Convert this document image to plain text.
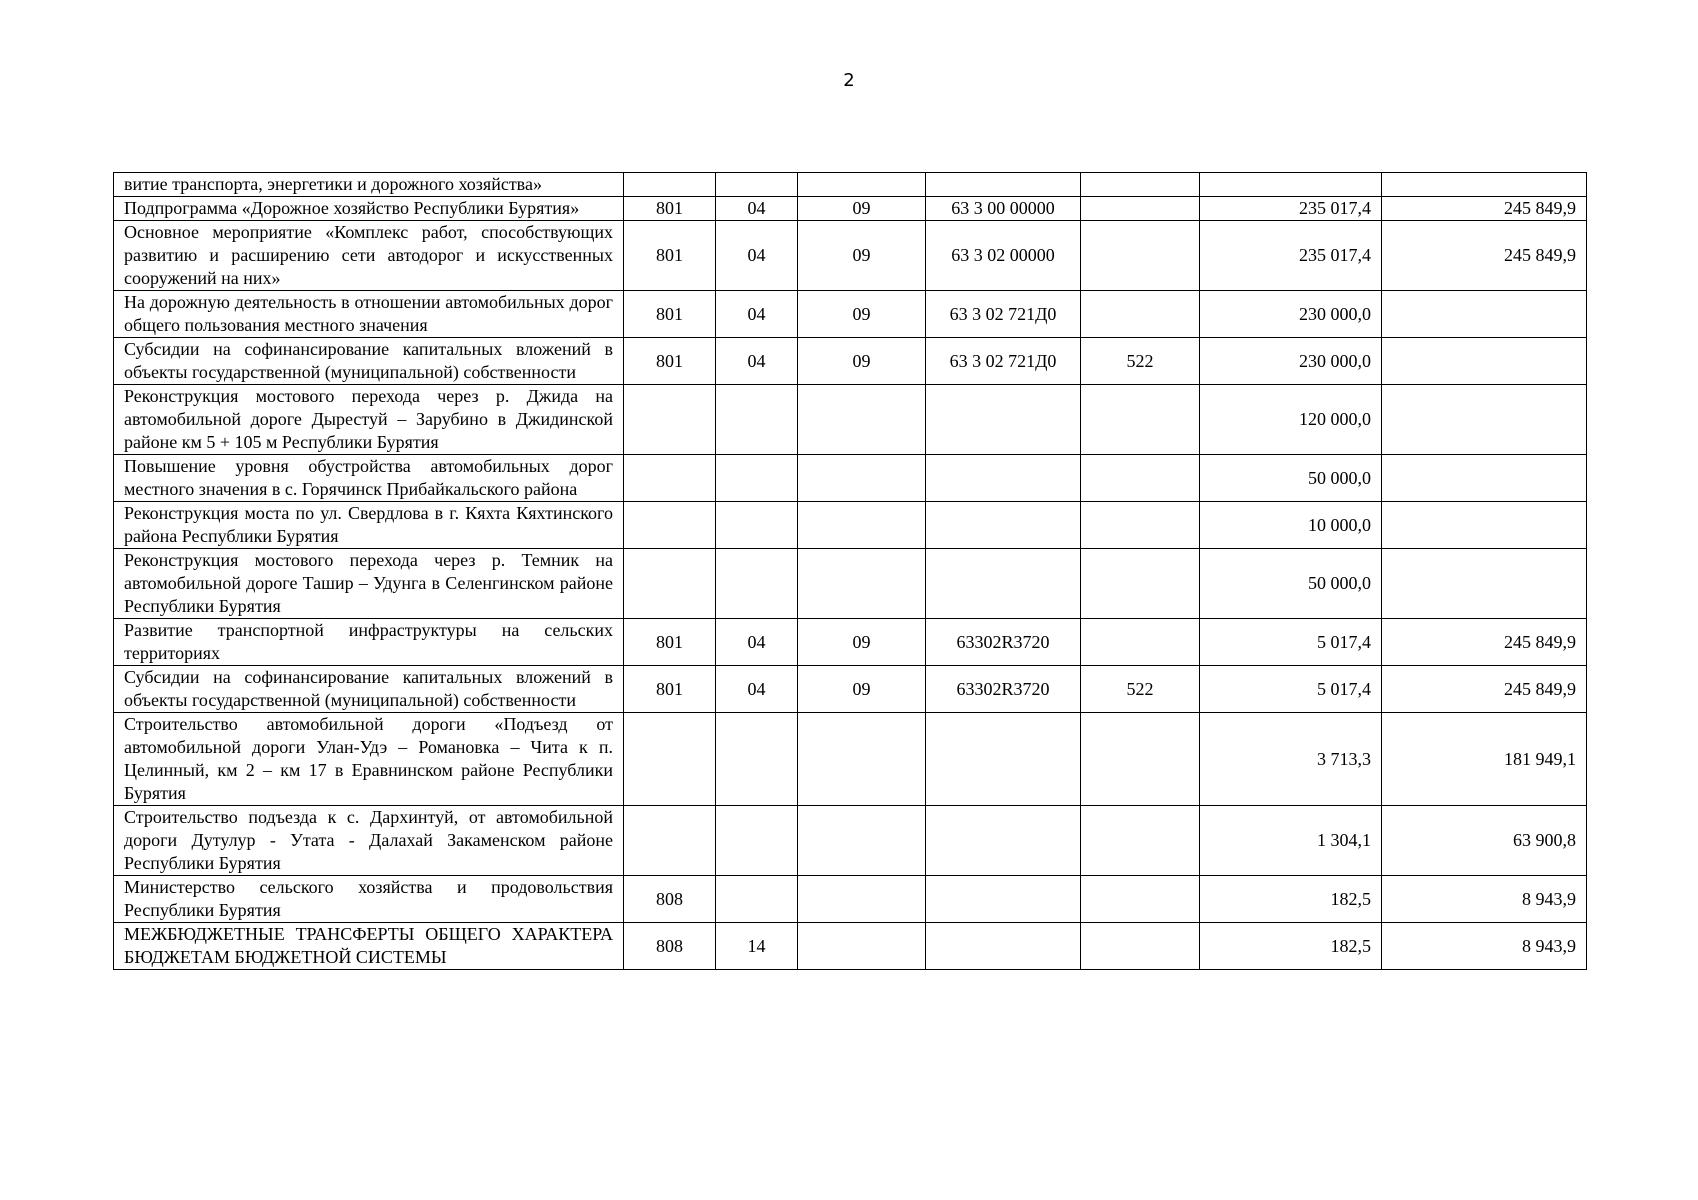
2
витие транспорта, энергетики и дорожного хозяйства»							
Подпрограмма «Дорожное хозяйство Республики Бурятия»	801	04	09	63 3 00 00000		235 017,4	245 849,9
Основное мероприятие «Комплекс работ, способствующих развитию и расширению сети автодорог и искусственных сооружений на них»	801	04	09	63 3 02 00000		235 017,4	245 849,9
На дорожную деятельность в отношении автомобильных дорог общего пользования местного значения	801	04	09	63 3 02 721Д0		230 000,0	
Субсидии на софинансирование капитальных вложений в объекты государственной (муниципальной) собственности	801	04	09	63 3 02 721Д0	522	230 000,0	
Реконструкция мостового перехода через р. Джида на автомобильной дороге Дырестуй – Зарубино в Джидинской районе км 5 + 105 м Республики Бурятия						120 000,0	
Повышение уровня обустройства автомобильных дорог местного значения в с. Горячинск Прибайкальского района						50 000,0	
Реконструкция моста по ул. Свердлова в г. Кяхта Кяхтинского района Республики Бурятия						10 000,0	
Реконструкция мостового перехода через р. Темник на автомобильной дороге Ташир – Удунга в Селенгинском районе Республики Бурятия						50 000,0	
Развитие транспортной инфраструктуры на сельских территориях	801	04	09	63302R3720		5 017,4	245 849,9
Субсидии на софинансирование капитальных вложений в объекты государственной (муниципальной) собственности	801	04	09	63302R3720	522	5 017,4	245 849,9
Строительство автомобильной дороги «Подъезд от автомобильной дороги Улан-Удэ – Романовка – Чита к п. Целинный, км 2 – км 17 в Еравнинском районе Республики Бурятия						3 713,3	181 949,1
Строительство подъезда к с. Дархинтуй, от автомобильной дороги Дутулур - Утата - Далахай Закаменском районе Республики Бурятия						1 304,1	63 900,8
Министерство сельского хозяйства и продовольствия Республики Бурятия	808					182,5	8 943,9
МЕЖБЮДЖЕТНЫЕ ТРАНСФЕРТЫ ОБЩЕГО ХАРАКТЕРА БЮДЖЕТАМ БЮДЖЕТНОЙ СИСТЕМЫ	808	14				182,5	8 943,9
